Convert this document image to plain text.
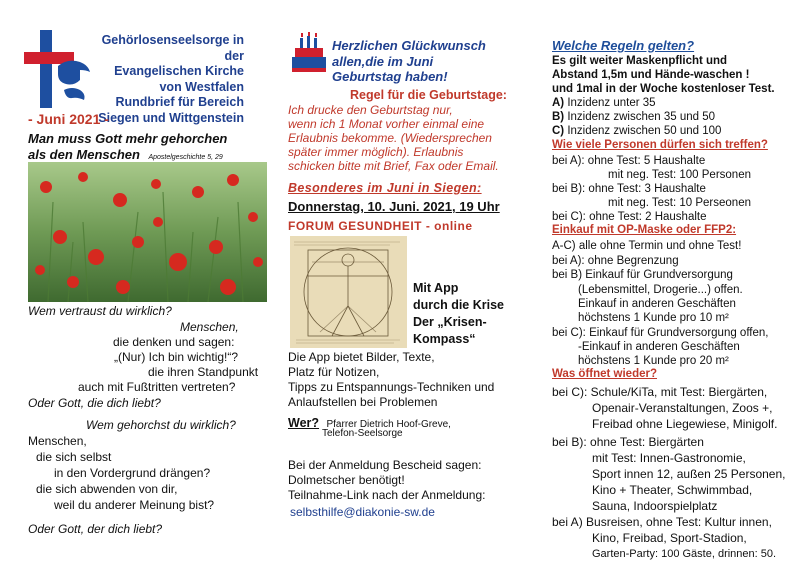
Gehörlosenseelsorge in der
Evangelischen Kirche
von Westfalen
Rundbrief für Bereich
Siegen und Wittgenstein
- Juni 2021 -
Man muss Gott mehr gehorchen
als den Menschen Apostelgeschichte 5, 29
Wem vertraust du wirklich?
Menschen,
die denken und sagen:
„(Nur) Ich bin wichtig!“?
die ihren Standpunkt
auch mit Fußtritten vertreten?
Oder Gott, die dich liebt?
Wem gehorchst du wirklich?
Menschen,
die sich selbst
in den Vordergrund drängen?
die sich abwenden von dir,
weil du anderer Meinung bist?
Oder Gott, der dich liebt?
Herzlichen Glückwunsch
allen,die im Juni
Geburtstag haben!
Regel für die Geburtstage:
Ich drucke den Geburtstag nur,
wenn ich 1 Monat vorher einmal eine
Erlaubnis bekomme. (Wiedersprechen
später immer möglich). Erlaubnis
schicken bitte mit Brief, Fax oder Email.
Besonderes im Juni in Siegen:
Donnerstag, 10. Juni. 2021, 19 Uhr
FORUM GESUNDHEIT - online
Mit App
durch die Krise
Der „Krisen-
Kompass“
Die App bietet Bilder, Texte,
Platz für Notizen,
Tipps zu Entspannungs-Techniken und
Anlaufstellen bei Problemen
Wer? Pfarrer Dietrich Hoof-Greve,
Telefon-Seelsorge
Bei der Anmeldung Bescheid sagen:
Dolmetscher benötigt!
Teilnahme-Link nach der Anmeldung:
selbsthilfe@diakonie-sw.de
Welche Regeln gelten?
Es gilt weiter Maskenpflicht und
Abstand 1,5m und Hände-waschen !
und 1mal in der Woche kostenloser Test.
A) Inzidenz unter 35
B) Inzidenz zwischen 35 und 50
C) Inzidenz zwischen 50 und 100
Wie viele Personen dürfen sich treffen?
bei A): ohne Test: 5 Haushalte
mit neg. Test: 100 Personen
bei B): ohne Test: 3 Haushalte
mit neg. Test: 10 Perseonen
bei C): ohne Test: 2 Haushalte
Einkauf mit OP-Maske oder FFP2:
A-C) alle ohne Termin und ohne Test!
bei A): ohne Begrenzung
bei B) Einkauf für Grundversorgung
(Lebensmittel, Drogerie...) offen.
Einkauf in anderen Geschäften
höchstens 1 Kunde pro 10 m²
bei C): Einkauf für Grundversorgung offen,
-Einkauf in anderen Geschäften
höchstens 1 Kunde pro 20 m²
Was öffnet wieder?
bei C): Schule/KiTa, mit Test: Biergärten,
Openair-Veranstaltungen, Zoos +,
Freibad ohne Liegewiese, Minigolf.
bei B): ohne Test: Biergärten
mit Test: Innen-Gastronomie,
Sport innen 12, außen 25 Personen,
Kino + Theater, Schwimmbad,
Sauna, Indoorspielplatz
bei A) Busreisen, ohne Test: Kultur innen,
Kino, Freibad, Sport-Stadion,
Garten-Party: 100 Gäste, drinnen: 50.
